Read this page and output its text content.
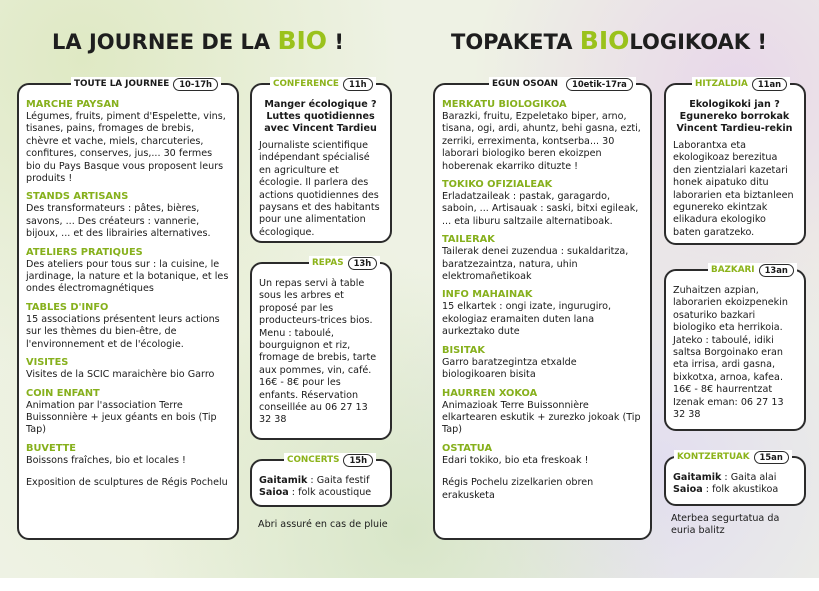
LA JOURNEE DE LA BIO !	TOPAKETA BIOLOGIKOAK !
TOUTE LA JOURNEE	10-17h
MARCHE PAYSAN

Légumes, fruits, piment d'Espelette, vins, tisanes, pains, fromages de brebis, chèvre et vache, miels, charcuteries, confitures, conserves, jus,... 30 fermes bio du Pays Basque vous proposent leurs produits !

STANDS ARTISANS

Des transformateurs : pâtes, bières, savons, ... Des créateurs : vannerie, bijoux, ... et des librairies alternatives.

ATELIERS PRATIQUES

Des ateliers pour tous sur : la cuisine, le jardinage, la nature et la botanique, et les ondes électromagnétiques

TABLES D'INFO

15 associations présentent leurs actions sur les thèmes du bien-être, de l'environnement et de l'écologie.

VISITES

Visites de la SCIC maraichère bio Garro

COIN ENFANT

Animation par l'association Terre Buissonnière + jeux géants en bois (Tip Tap)

BUVETTE

Boissons fraîches, bio et locales !

Exposition de sculptures de Régis Pochelu

CONFERENCE	11h

Manger écologique ? Luttes quotidiennes avec Vincent Tardieu

Journaliste scientifique indépendant spécialisé en agriculture et écologie. Il parlera des actions quotidiennes des paysans et des habitants pour une alimentation écologique.

REPAS	13h

Un repas servi à table sous les arbres et proposé par les producteurs-trices bios. Menu : taboulé, bourguignon et riz, fromage de brebis, tarte aux pommes, vin, café. 16€ - 8€ pour les enfants. Réservation conseillée au 06 27 13 32 38

CONCERTS	15h

Gaitamik : Gaita festif

Saioa : folk acoustique

Abri assuré en cas de pluie
EGUN OSOAN	10etik-17ra
MERKATU BIOLOGIKOA

Barazki, fruitu, Ezpeletako biper, arno, tisana, ogi, ardi, ahuntz, behi gasna, ezti, zerriki, erreximenta, kontserba... 30 laborari biologiko beren ekoizpen hoberenak ekarriko dituzte !

TOKIKO OFIZIALEAK

Erladatzaileak : pastak, garagardo, saboin, ... Artisauak : saski, bitxi egileak, ... eta liburu saltzaile alternatiboak.

TAILERAK

Tailerak denei zuzendua : sukaldaritza, baratzezaintza, natura, uhin elektromañetikoak

INFO MAHAINAK

15 elkartek : ongi izate, ingurugiro, ekologiaz eramaiten duten lana aurkeztako dute

BISITAK

Garro baratzegintza etxalde biologikoaren bisita

HAURREN XOKOA

Animazioak Terre Buissonnière elkartearen eskutik + zurezko jokoak (Tip Tap)

OSTATUA

Edari tokiko, bio eta freskoak !

Régis Pochelu zizelkarien obren erakusketa

HITZALDIA	11an

Ekologikoki jan ? Egunereko borrokak Vincent Tardieu-rekin

Laborantxa eta ekologikoaz berezitua den zientzialari kazetari honek aipatuko ditu laborarien eta biztanleen egunereko ekintzak elikadura ekologiko baten garatzeko.

BAZKARI	13an

Zuhaitzen azpian, laborarien ekoizpenekin osaturiko bazkari biologiko eta herrikoia. Jateko : taboulé, idiki saltsa Borgoinako eran eta irrisa, ardi gasna, bixkotxa, arnoa, kafea. 16€ - 8€ haurrentzat Izenak eman: 06 27 13 32 38

KONTZERTUAK	15an

Gaitamik : Gaita alai

Saioa : folk akustikoa

Aterbea segurtatua da euria balitz
